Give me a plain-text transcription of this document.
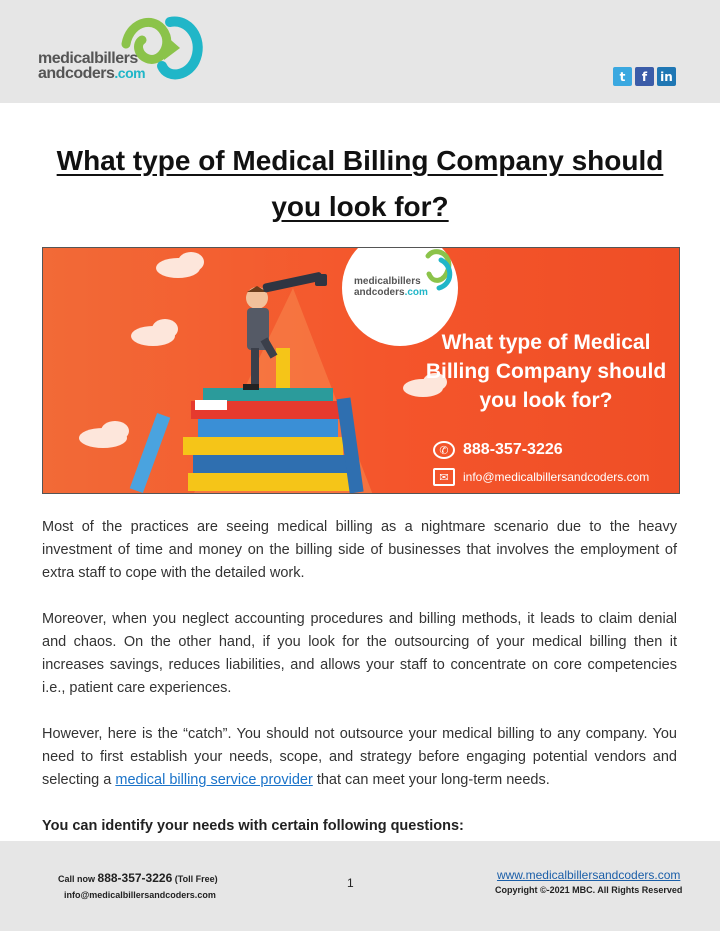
medicalbillers
andcoders.com	t	f	in
What type of Medical Billing Company should you look for?
medicalbillers
andcoders.com
What type of Medical Billing Company should you look for?
✆ 888-357-3226
✉	info@medicalbillersandcoders.com

Most of the practices are seeing medical billing as a nightmare scenario due to the heavy investment of time and money on the billing side of businesses that involves the employment of extra staff to cope with the detailed work.

Moreover, when you neglect accounting procedures and billing methods, it leads to claim denial and chaos. On the other hand, if you look for the outsourcing of your medical billing then it increases savings, reduces liabilities, and allows your staff to concentrate on core competencies i.e., patient care experiences.

However, here is the “catch”. You should not outsource your medical billing to any company. You need to first establish your needs, scope, and strategy before engaging potential vendors and selecting a medical billing service provider that can meet your long-term needs.

You can identify your needs with certain following questions:

Call now 888-357-3226 (Toll Free)
info@medicalbillersandcoders.com
1
www.medicalbillersandcoders.com
Copyright ©-2021 MBC. All Rights Reserved
